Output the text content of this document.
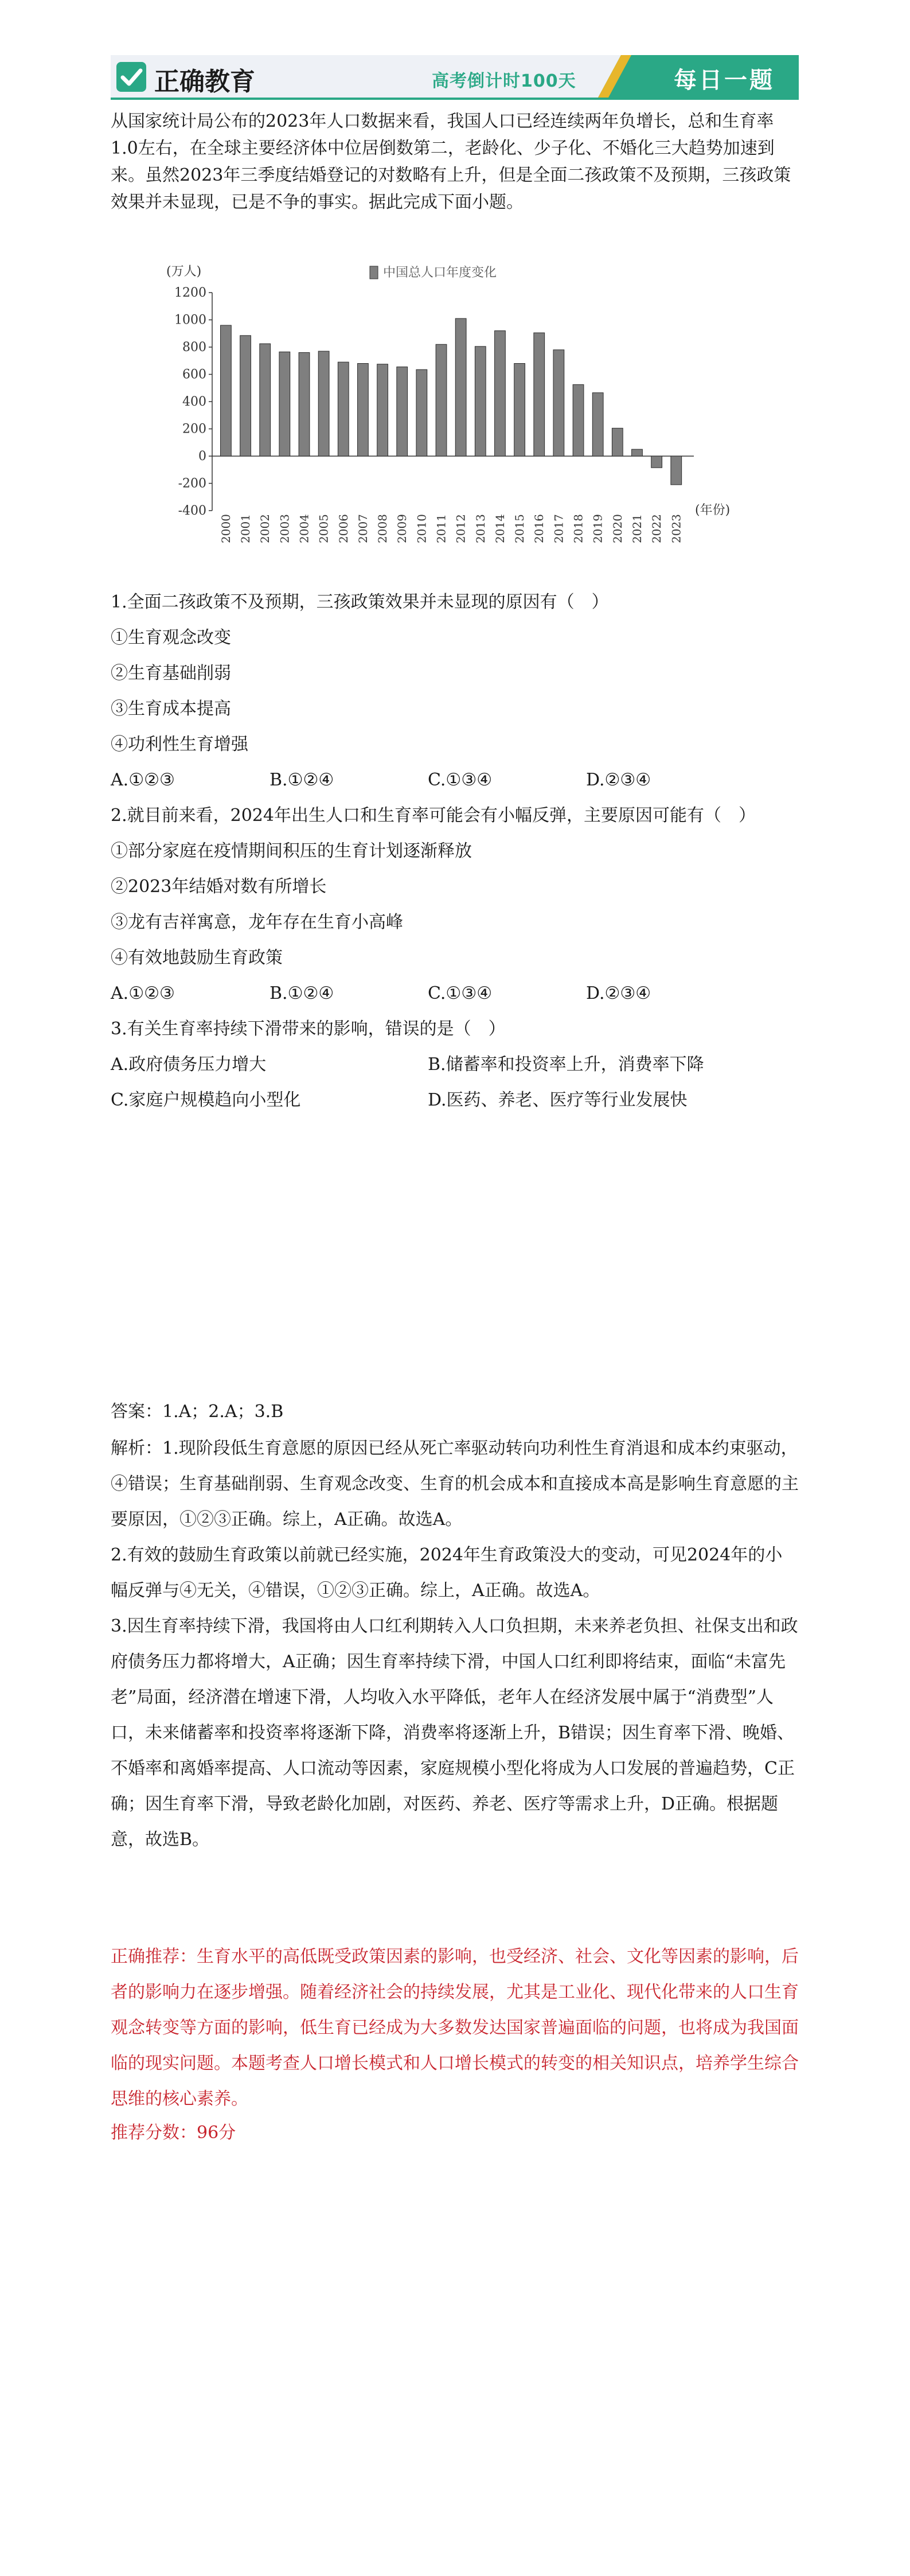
正确教育	高考倒计时100天	每日一题
从国家统计局公布的2023年人口数据来看，我国人口已经连续两年负增长，总和生育率1.0左右，在全球主要经济体中位居倒数第二，老龄化、少子化、不婚化三大趋势加速到来。虽然2023年三季度结婚登记的对数略有上升，但是全面二孩政策不及预期，三孩政策效果并未显现，已是不争的事实。据此完成下面小题。
(万人)	中国总人口年度变化
-400
-200
0
200
400
600
800
1000
1200
2000 2001 2002 2003 2004 2005 2006 2007 2008 2009 2010 2011 2012 2013 2014 2015 2016 2017 2018 2019 2020 2021 2022 2023
(年份)
1.全面二孩政策不及预期，三孩政策效果并未显现的原因有（　）
①生育观念改变
②生育基础削弱
③生育成本提高
④功利性生育增强
A.①②③	B.①②④	C.①③④	D.②③④
2.就目前来看，2024年出生人口和生育率可能会有小幅反弹，主要原因可能有（　）
①部分家庭在疫情期间积压的生育计划逐渐释放
②2023年结婚对数有所增长
③龙有吉祥寓意，龙年存在生育小高峰
④有效地鼓励生育政策
A.①②③	B.①②④	C.①③④	D.②③④
3.有关生育率持续下滑带来的影响，错误的是（　）
A.政府债务压力增大	B.储蓄率和投资率上升，消费率下降
C.家庭户规模趋向小型化	D.医药、养老、医疗等行业发展快
答案：1.A；2.A；3.B
解析：1.现阶段低生育意愿的原因已经从死亡率驱动转向功利性生育消退和成本约束驱动，④错误；生育基础削弱、生育观念改变、生育的机会成本和直接成本高是影响生育意愿的主要原因，①②③正确。综上，A正确。故选A。
2.有效的鼓励生育政策以前就已经实施，2024年生育政策没大的变动，可见2024年的小幅反弹与④无关，④错误，①②③正确。综上，A正确。故选A。
3.因生育率持续下滑，我国将由人口红利期转入人口负担期，未来养老负担、社保支出和政府债务压力都将增大，A正确；因生育率持续下滑，中国人口红利即将结束，面临“未富先老”局面，经济潜在增速下滑，人均收入水平降低，老年人在经济发展中属于“消费型”人口，未来储蓄率和投资率将逐渐下降，消费率将逐渐上升，B错误；因生育率下滑、晚婚、不婚率和离婚率提高、人口流动等因素，家庭规模小型化将成为人口发展的普遍趋势，C正确；因生育率下滑，导致老龄化加剧，对医药、养老、医疗等需求上升，D正确。根据题意，故选B。
正确推荐：生育水平的高低既受政策因素的影响，也受经济、社会、文化等因素的影响，后者的影响力在逐步增强。随着经济社会的持续发展，尤其是工业化、现代化带来的人口生育观念转变等方面的影响，低生育已经成为大多数发达国家普遍面临的问题，也将成为我国面临的现实问题。本题考查人口增长模式和人口增长模式的转变的相关知识点，培养学生综合思维的核心素养。
推荐分数：96分
